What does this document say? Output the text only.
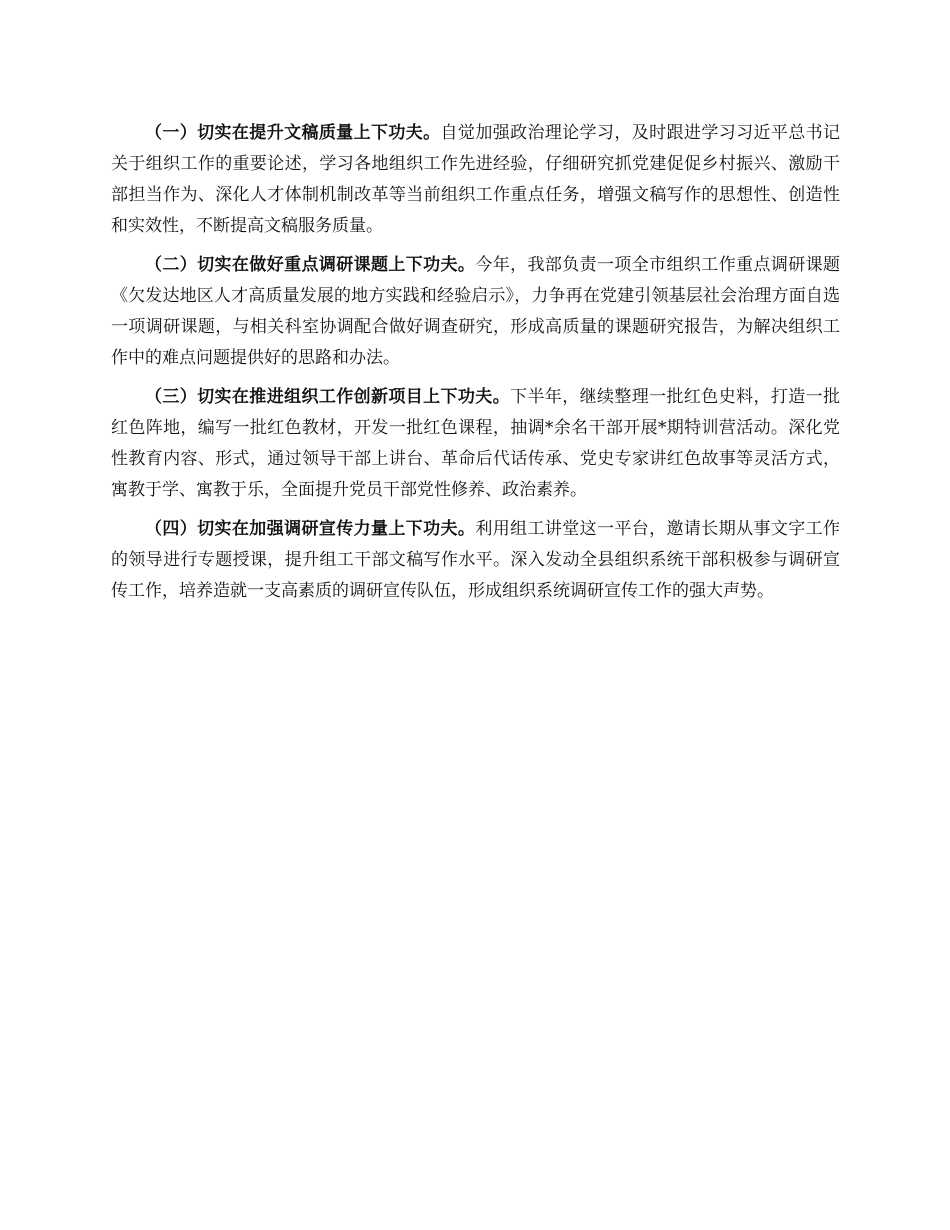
（一）切实在提升文稿质量上下功夫。自觉加强政治理论学习，及时跟进学习习近平总书记关于组织工作的重要论述，学习各地组织工作先进经验，仔细研究抓党建促促乡村振兴、激励干部担当作为、深化人才体制机制改革等当前组织工作重点任务，增强文稿写作的思想性、创造性和实效性，不断提高文稿服务质量。

（二）切实在做好重点调研课题上下功夫。今年，我部负责一项全市组织工作重点调研课题《欠发达地区人才高质量发展的地方实践和经验启示》，力争再在党建引领基层社会治理方面自选一项调研课题，与相关科室协调配合做好调查研究，形成高质量的课题研究报告，为解决组织工作中的难点问题提供好的思路和办法。

（三）切实在推进组织工作创新项目上下功夫。下半年，继续整理一批红色史料，打造一批红色阵地，编写一批红色教材，开发一批红色课程，抽调*余名干部开展*期特训营活动。深化党性教育内容、形式，通过领导干部上讲台、革命后代话传承、党史专家讲红色故事等灵活方式，寓教于学、寓教于乐，全面提升党员干部党性修养、政治素养。

（四）切实在加强调研宣传力量上下功夫。利用组工讲堂这一平台，邀请长期从事文字工作的领导进行专题授课，提升组工干部文稿写作水平。深入发动全县组织系统干部积极参与调研宣传工作，培养造就一支高素质的调研宣传队伍，形成组织系统调研宣传工作的强大声势。
